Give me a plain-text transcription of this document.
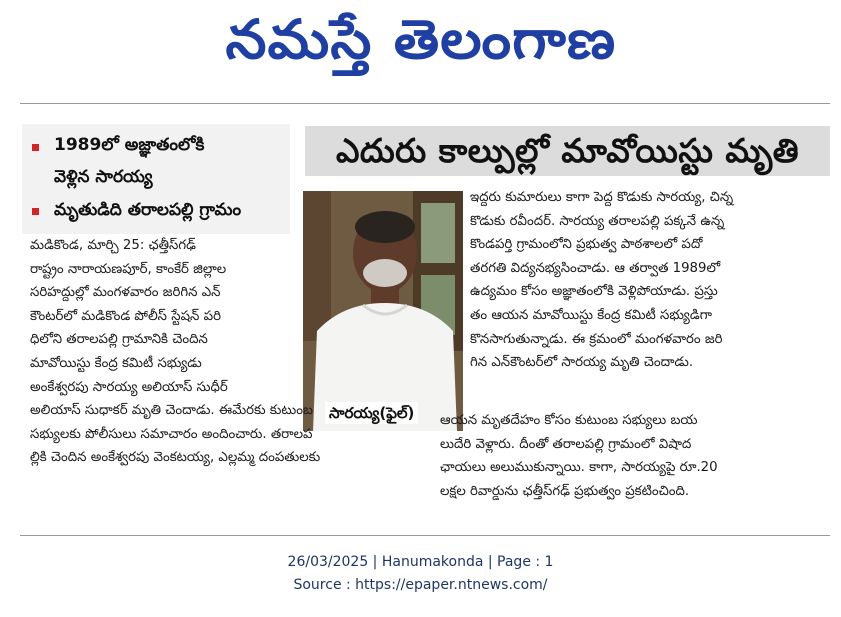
నమస్తే తెలంగాణ
1989లో అజ్ఞాతంలోకి
వెళ్లిన సారయ్య
మృతుడిది తరాలపల్లి గ్రామం
ఎదురు కాల్పుల్లో మావోయిస్టు మృతి
సారయ్య(ఫైల్)
మడికొండ, మార్చి 25: ఛత్తీస్‌గఢ్
రాష్ట్రం నారాయణపూర్, కాంకేర్ జిల్లాల
సరిహద్దుల్లో మంగళవారం జరిగిన ఎన్
కౌంటర్‌లో మడికొండ పోలీస్ స్టేషన్ పరి
ధిలోని తరాలపల్లి గ్రామానికి చెందిన
మావోయిస్టు కేంద్ర కమిటీ సభ్యుడు
అంకేశ్వరపు సారయ్య అలియాస్ సుధీర్
అలియాస్ సుధాకర్ మృతి చెందాడు. ఈమేరకు కుటుంబ
సభ్యులకు పోలీసులు సమాచారం అందించారు. తరాలప
ల్లికి చెందిన అంకేశ్వరపు వెంకటయ్య, ఎల్లమ్మ దంపతులకు
ఇద్దరు కుమారులు కాగా పెద్ద కొడుకు సారయ్య, చిన్న
కొడుకు రవీందర్. సారయ్య తరాలపల్లి పక్కనే ఉన్న
కొండపర్తి గ్రామంలోని ప్రభుత్వ పాఠశాలలో పదో
తరగతి విద్యనభ్యసించాడు. ఆ తర్వాత 1989లో
ఉద్యమం కోసం అజ్ఞాతంలోకి వెళ్లిపోయాడు. ప్రస్తు
తం ఆయన మావోయిస్టు కేంద్ర కమిటీ సభ్యుడిగా
కొనసాగుతున్నాడు. ఈ క్రమంలో మంగళవారం జరి
గిన ఎన్‌కౌంటర్‌లో సారయ్య మృతి చెందాడు.
ఆయన మృతదేహం కోసం కుటుంబ సభ్యులు బయ
లుదేరి వెళ్లారు. దీంతో తరాలపల్లి గ్రామంలో విషాద
ఛాయలు అలుముకున్నాయి. కాగా, సారయ్యపై రూ.20
లక్షల రివార్డును ఛత్తీస్‌గఢ్ ప్రభుత్వం ప్రకటించింది.
26/03/2025 | Hanumakonda | Page : 1
Source : https://epaper.ntnews.com/
